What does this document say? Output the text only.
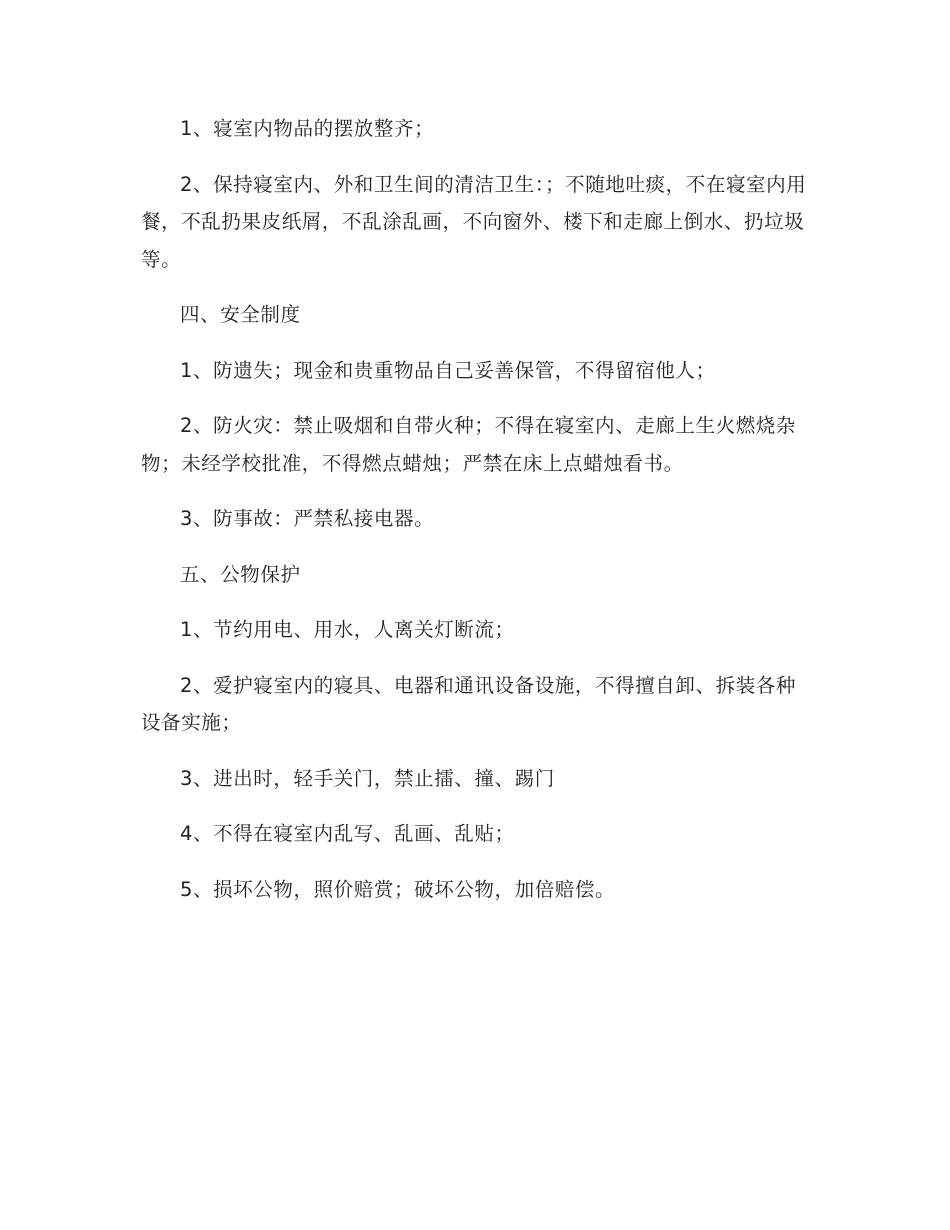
1、寝室内物品的摆放整齐；

2、保持寝室内、外和卫生间的清洁卫生：；不随地吐痰，不在寝室内用餐，不乱扔果皮纸屑，不乱涂乱画，不向窗外、楼下和走廊上倒水、扔垃圾等。

四、安全制度

1、防遗失；现金和贵重物品自己妥善保管，不得留宿他人；

2、防火灾：禁止吸烟和自带火种；不得在寝室内、走廊上生火燃烧杂物；未经学校批准，不得燃点蜡烛；严禁在床上点蜡烛看书。

3、防事故：严禁私接电器。

五、公物保护

1、节约用电、用水，人离关灯断流；

2、爱护寝室内的寝具、电器和通讯设备设施，不得擅自卸、拆装各种设备实施；

3、进出时，轻手关门，禁止擂、撞、踢门

4、不得在寝室内乱写、乱画、乱贴；

5、损坏公物，照价赔赏；破坏公物，加倍赔偿。
